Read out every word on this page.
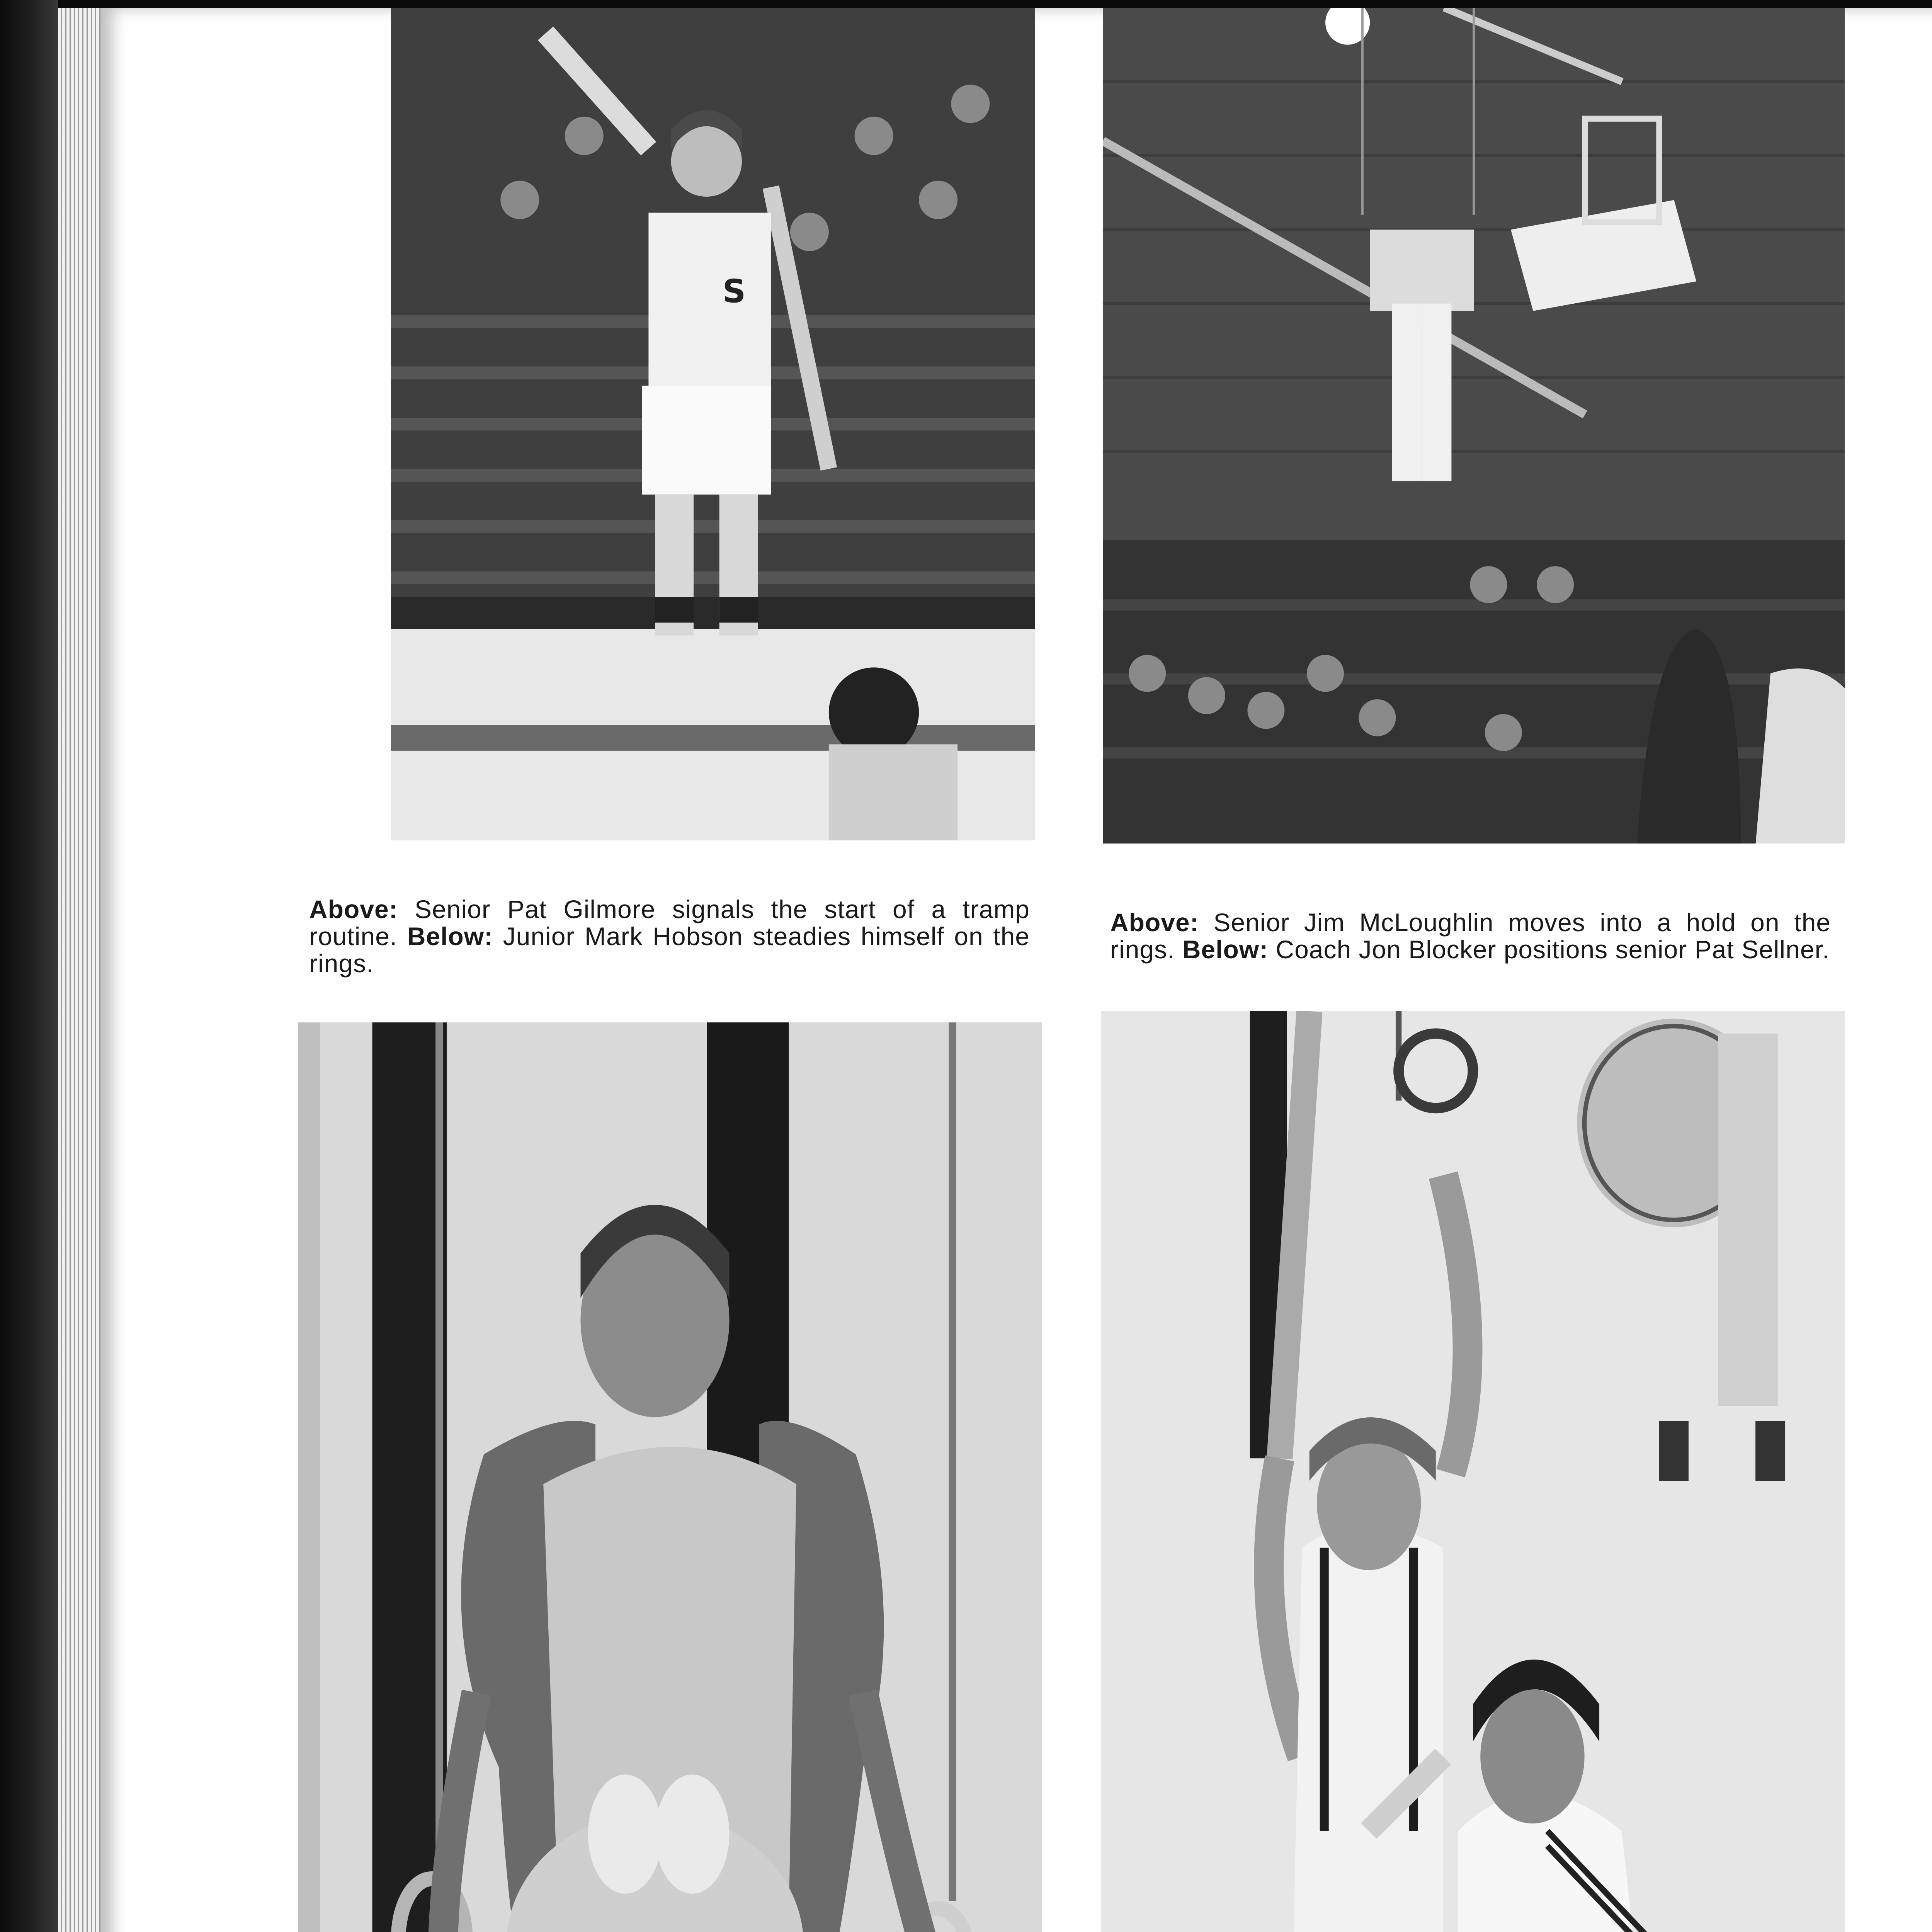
S
Above: Senior Pat Gilmore signals the start of a tramp routine. Below: Junior Mark Hobson steadies himself on the rings.
Above: Senior Jim McLoughlin moves into a hold on the rings. Below: Coach Jon Blocker positions senior Pat Sellner.
